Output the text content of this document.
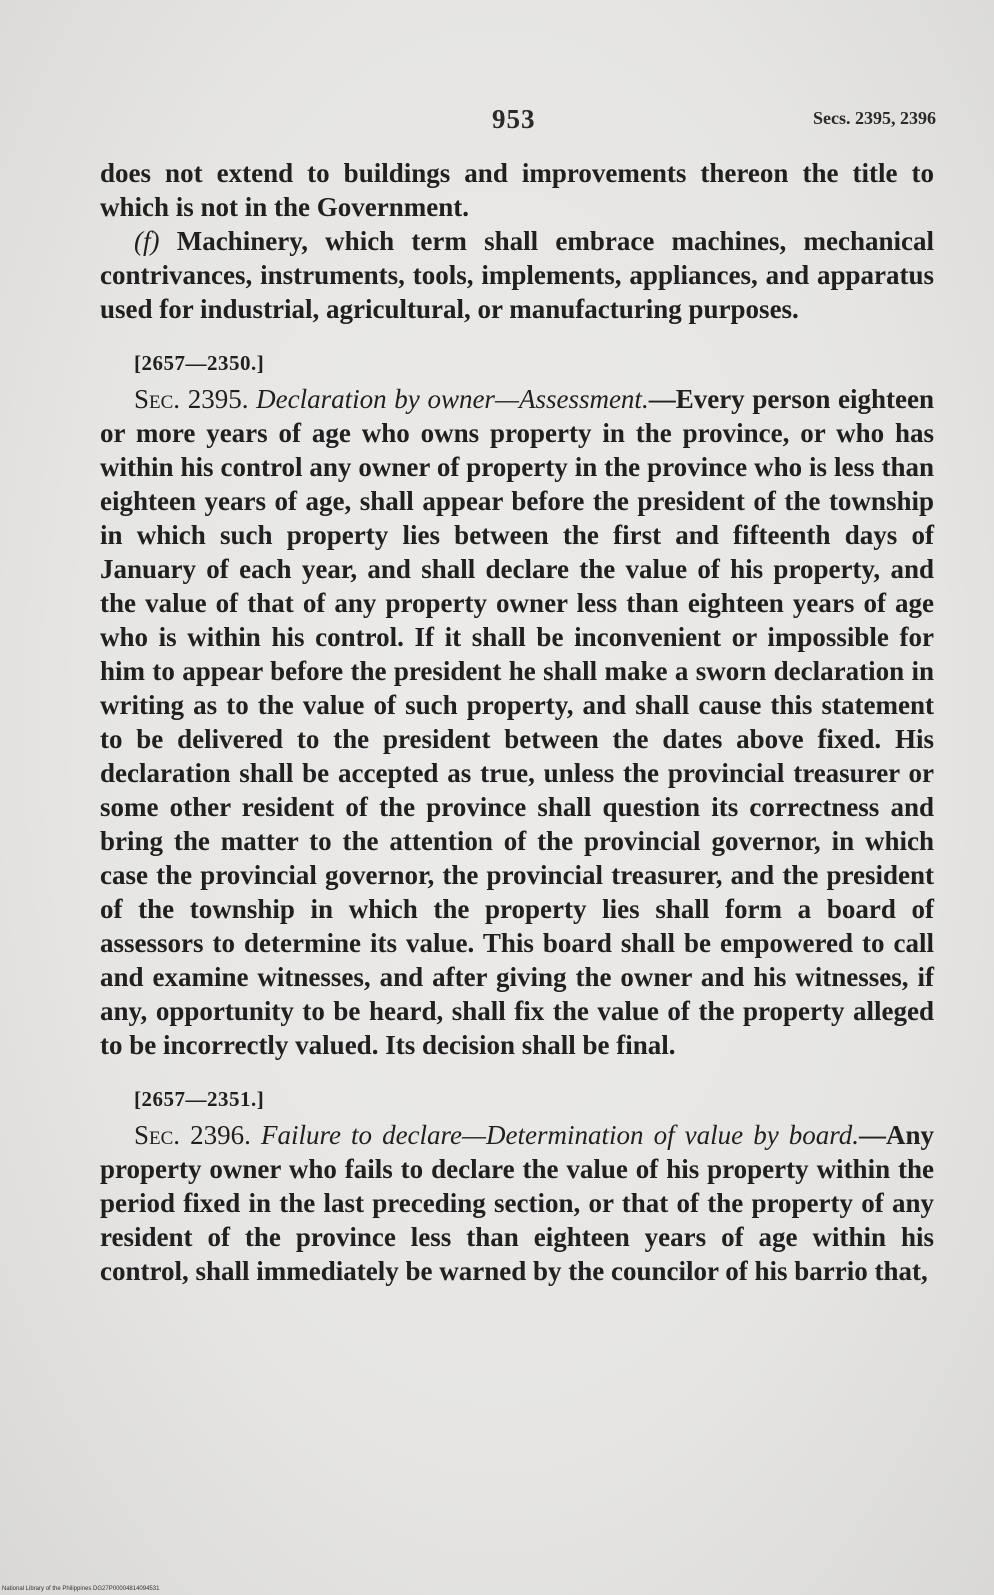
953	Secs. 2395, 2396

does not extend to buildings and improvements thereon the title to which is not in the Government.

(f) Machinery, which term shall embrace machines, mechanical contrivances, instruments, tools, implements, appliances, and apparatus used for industrial, agricultural, or manufacturing purposes.

[2657—2350.]

Sec. 2395. Declaration by owner—Assessment.—Every person eighteen or more years of age who owns property in the province, or who has within his control any owner of property in the province who is less than eighteen years of age, shall appear before the president of the township in which such property lies between the first and fifteenth days of January of each year, and shall declare the value of his property, and the value of that of any property owner less than eighteen years of age who is within his control. If it shall be inconvenient or impossible for him to appear before the president he shall make a sworn declaration in writing as to the value of such property, and shall cause this statement to be delivered to the president between the dates above fixed. His declaration shall be accepted as true, unless the provincial treasurer or some other resident of the province shall question its correctness and bring the matter to the attention of the provincial governor, in which case the provincial governor, the provincial treasurer, and the president of the township in which the property lies shall form a board of assessors to determine its value. This board shall be empowered to call and examine witnesses, and after giving the owner and his witnesses, if any, opportunity to be heard, shall fix the value of the property alleged to be incorrectly valued. Its decision shall be final.

[2657—2351.]

Sec. 2396. Failure to declare—Determination of value by board.—Any property owner who fails to declare the value of his property within the period fixed in the last preceding section, or that of the property of any resident of the province less than eighteen years of age within his control, shall immediately be warned by the councilor of his barrio that,

National Library of the Philippines DG27P00004814094531
